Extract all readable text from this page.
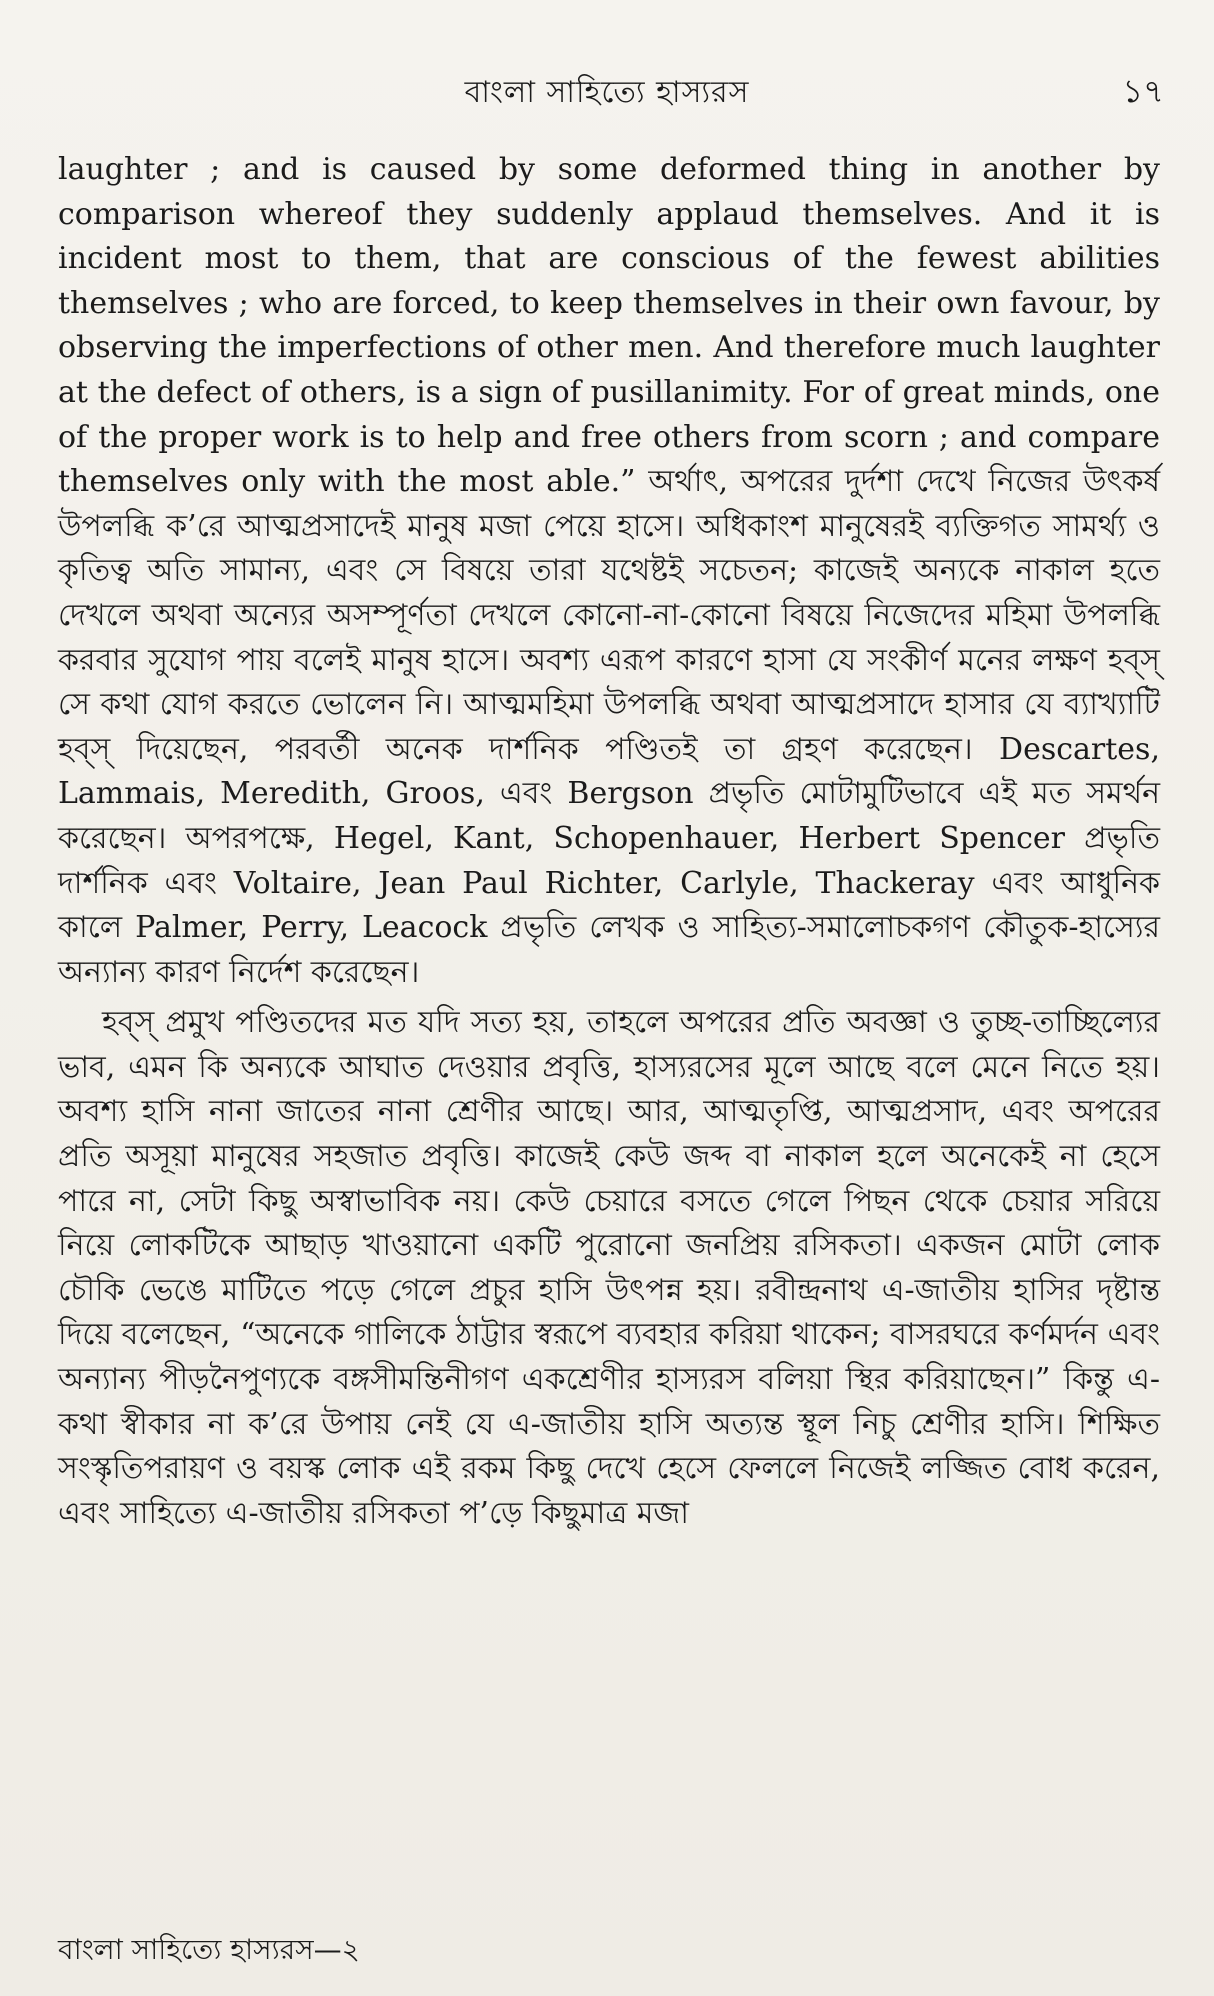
বাংলা সাহিত্যে হাস্যরস	১৭

laughter ; and is caused by some deformed thing in another by comparison whereof they suddenly applaud themselves. And it is incident most to them, that are conscious of the fewest abilities themselves ; who are forced, to keep themselves in their own favour, by observing the imperfections of other men. And therefore much laughter at the defect of others, is a sign of pusillanimity. For of great minds, one of the proper work is to help and free others from scorn ; and compare themselves only with the most able.” অর্থাৎ, অপরের দুর্দশা দেখে নিজের উৎকর্ষ উপলব্ধি ক’রে আত্মপ্রসাদেই মানুষ মজা পেয়ে হাসে। অধিকাংশ মানুষেরই ব্যক্তিগত সামর্থ্য ও কৃতিত্ব অতি সামান্য, এবং সে বিষয়ে তারা যথেষ্টই সচেতন; কাজেই অন্যকে নাকাল হতে দেখলে অথবা অন্যের অসম্পূর্ণতা দেখলে কোনো-না-কোনো বিষয়ে নিজেদের মহিমা উপলব্ধি করবার সুযোগ পায় বলেই মানুষ হাসে। অবশ্য এরূপ কারণে হাসা যে সংকীর্ণ মনের লক্ষণ হব্‌স্‌ সে কথা যোগ করতে ভোলেন নি। আত্মমহিমা উপলব্ধি অথবা আত্মপ্রসাদে হাসার যে ব্যাখ্যাটি হব্‌স্‌ দিয়েছেন, পরবর্তী অনেক দার্শনিক পণ্ডিতই তা গ্রহণ করেছেন। Descartes, Lammais, Meredith, Groos, এবং Bergson প্রভৃতি মোটামুটিভাবে এই মত সমর্থন করেছেন। অপরপক্ষে, Hegel, Kant, Schopenhauer, Herbert Spencer প্রভৃতি দার্শনিক এবং Voltaire, Jean Paul Richter, Carlyle, Thackeray এবং আধুনিক কালে Palmer, Perry, Leacock প্রভৃতি লেখক ও সাহিত্য-সমালোচকগণ কৌতুক-হাস্যের অন্যান্য কারণ নির্দেশ করেছেন।

হব্‌স্‌ প্রমুখ পণ্ডিতদের মত যদি সত্য হয়, তাহলে অপরের প্রতি অবজ্ঞা ও তুচ্ছ-তাচ্ছিল্যের ভাব, এমন কি অন্যকে আঘাত দেওয়ার প্রবৃত্তি, হাস্যরসের মূলে আছে বলে মেনে নিতে হয়। অবশ্য হাসি নানা জাতের নানা শ্রেণীর আছে। আর, আত্মতৃপ্তি, আত্মপ্রসাদ, এবং অপরের প্রতি অসূয়া মানুষের সহজাত প্রবৃত্তি। কাজেই কেউ জব্দ বা নাকাল হলে অনেকেই না হেসে পারে না, সেটা কিছু অস্বাভাবিক নয়। কেউ চেয়ারে বসতে গেলে পিছন থেকে চেয়ার সরিয়ে নিয়ে লোকটিকে আছাড় খাওয়ানো একটি পুরোনো জনপ্রিয় রসিকতা। একজন মোটা লোক চৌকি ভেঙে মাটিতে পড়ে গেলে প্রচুর হাসি উৎপন্ন হয়। রবীন্দ্রনাথ এ-জাতীয় হাসির দৃষ্টান্ত দিয়ে বলেছেন, “অনেকে গালিকে ঠাট্টার স্বরূপে ব্যবহার করিয়া থাকেন; বাসরঘরে কর্ণমর্দন এবং অন্যান্য পীড়নৈপুণ্যকে বঙ্গসীমন্তিনীগণ একশ্রেণীর হাস্যরস বলিয়া স্থির করিয়াছেন।” কিন্তু এ-কথা স্বীকার না ক’রে উপায় নেই যে এ-জাতীয় হাসি অত্যন্ত স্থূল নিচু শ্রেণীর হাসি। শিক্ষিত সংস্কৃতিপরায়ণ ও বয়স্ক লোক এই রকম কিছু দেখে হেসে ফেললে নিজেই লজ্জিত বোধ করেন, এবং সাহিত্যে এ-জাতীয় রসিকতা প’ড়ে কিছুমাত্র মজা

বাংলা সাহিত্যে হাস্যরস—২
